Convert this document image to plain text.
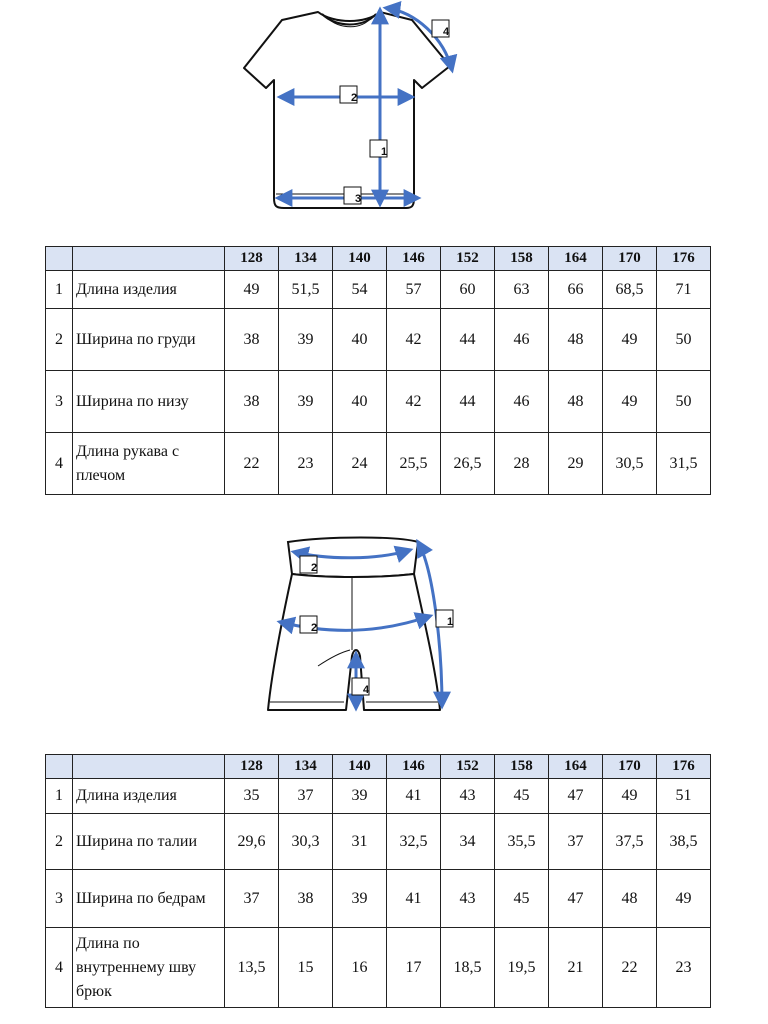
1
2
3
4
		128	134	140	146	152	158	164	170	176
1	Длина изделия	49	51,5	54	57	60	63	66	68,5	71
2	Ширина по груди	38	39	40	42	44	46	48	49	50
3	Ширина по низу	38	39	40	42	44	46	48	49	50
4	Длина рукава с плечом	22	23	24	25,5	26,5	28	29	30,5	31,5
1
2
2
4
		128	134	140	146	152	158	164	170	176
1	Длина изделия	35	37	39	41	43	45	47	49	51
2	Ширина по талии	29,6	30,3	31	32,5	34	35,5	37	37,5	38,5
3	Ширина по бедрам	37	38	39	41	43	45	47	48	49
4	Длина по внутреннему шву брюк	13,5	15	16	17	18,5	19,5	21	22	23
